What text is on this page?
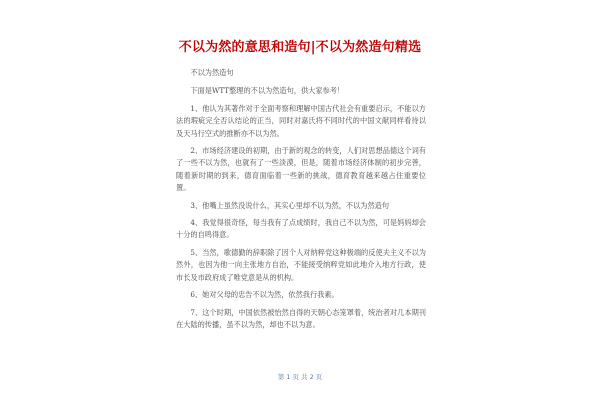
不以为然的意思和造句|不以为然造句精选

不以为然造句

下面是WTT整理的不以为然造句，供大家参考！

1、他认为其著作对于全面考察和理解中国古代社会有重要启示，不能以方法的瑕疵完全否认结论的正当，同时对嘉氏将不同时代的中国文献同样看待以及天马行空式的推断亦不以为然。

2、市场经济建设的初期，由于新的观念的转变，人们对思想品德这个词有了一些不以为然，也就有了一些淡漠，但是，随着市场经济体制的初步完善，随着新时期的到来，德育面临着一些新的挑战，德育教育越来越占住重要位置。

3、他嘴上虽然没说什么，其实心里却不以为然，不以为然造句

4、我觉得很奇怪，每当我有了点成绩时，我自己不以为然，可是妈妈却会十分的自鸣得意。

5、当然，歌德勤的辞职除了因个人对纳粹党这种极端的反使夫主义不以为然外，也因为他一向主张地方自治，不能接受纳粹党如此地介入地方行政，使市长及市政府成了唯党意是从的机构。

6、她对父母的忠告不以为然，依然我行我素。

7、这个时期，中国依然被怡然自得的天朝心态笼罩着，统治者对几本期刊在大陆的传播，虽不以为然，却也不以为意。

第 1 页 共 2 页
